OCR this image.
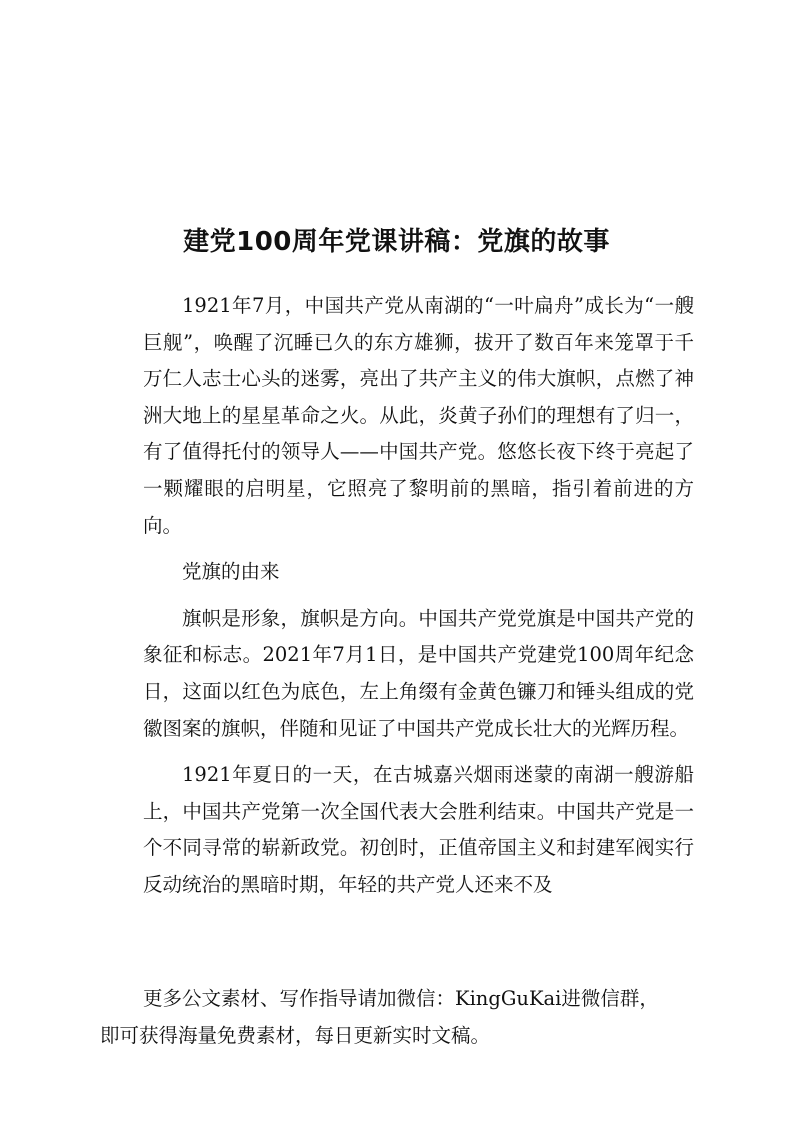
建党100周年党课讲稿：党旗的故事

1921年7月，中国共产党从南湖的“一叶扁舟”成长为“一艘巨舰”，唤醒了沉睡已久的东方雄狮，拔开了数百年来笼罩于千万仁人志士心头的迷雾，亮出了共产主义的伟大旗帜，点燃了神洲大地上的星星革命之火。从此，炎黄子孙们的理想有了归一，有了值得托付的领导人——中国共产党。悠悠长夜下终于亮起了一颗耀眼的启明星，它照亮了黎明前的黑暗，指引着前进的方向。

党旗的由来

旗帜是形象，旗帜是方向。中国共产党党旗是中国共产党的象征和标志。2021年7月1日，是中国共产党建党100周年纪念日，这面以红色为底色，左上角缀有金黄色镰刀和锤头组成的党徽图案的旗帜，伴随和见证了中国共产党成长壮大的光辉历程。

1921年夏日的一天，在古城嘉兴烟雨迷蒙的南湖一艘游船上，中国共产党第一次全国代表大会胜利结束。中国共产党是一个不同寻常的崭新政党。初创时，正值帝国主义和封建军阀实行反动统治的黑暗时期，年轻的共产党人还来不及

更多公文素材、写作指导请加微信：KingGuKai进微信群，

即可获得海量免费素材，每日更新实时文稿。
